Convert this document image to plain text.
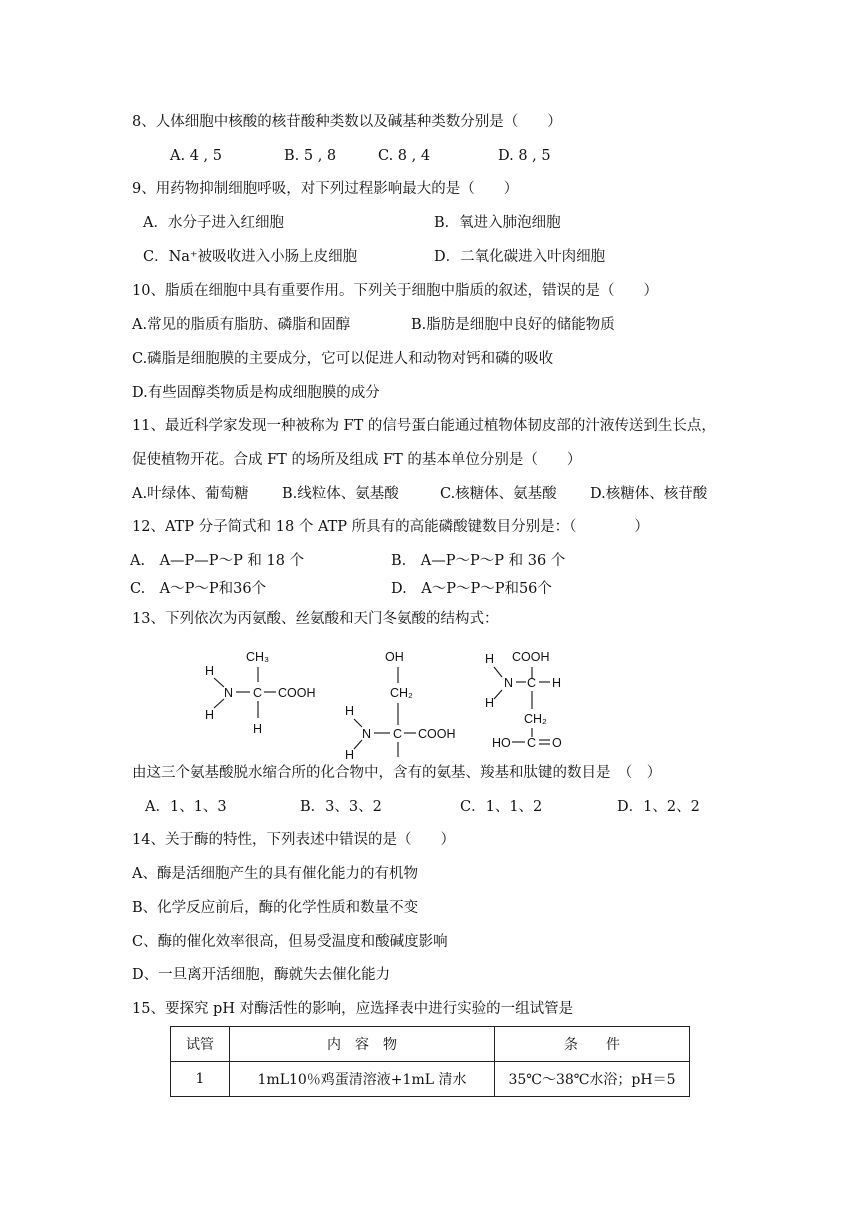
8、人体细胞中核酸的核苷酸种类数以及碱基种类数分别是（　　）
A. 4 , 5	B. 5 , 8	C. 8 , 4	D. 8 , 5
9、用药物抑制细胞呼吸，对下列过程影响最大的是（　　）
A．水分子进入红细胞	B．氧进入肺泡细胞
C．Na⁺被吸收进入小肠上皮细胞	D．二氧化碳进入叶肉细胞
10、脂质在细胞中具有重要作用。下列关于细胞中脂质的叙述，错误的是（　　）
A.常见的脂质有脂肪、磷脂和固醇	B.脂肪是细胞中良好的储能物质
C.磷脂是细胞膜的主要成分，它可以促进人和动物对钙和磷的吸收
D.有些固醇类物质是构成细胞膜的成分
11、最近科学家发现一种被称为 FT 的信号蛋白能通过植物体韧皮部的汁液传送到生长点，
促使植物开花。合成 FT 的场所及组成 FT 的基本单位分别是（　　）
A.叶绿体、葡萄糖 B.线粒体、氨基酸	C.核糖体、氨基酸 D.核糖体、核苷酸
12、ATP 分子简式和 18 个 ATP 所具有的高能磷酸键数目分别是：（　　　　）
A.　A—P—P～P 和 18 个	B.　A—P～P～P 和 36 个
C.　A～P～P和36个	D.　A～P～P～P和56个
13、下列依次为丙氨酸、丝氨酸和天门冬氨酸的结构式：
CH₃
H
N C COOH
H
H
OH
CH₂
H
N C COOH
H
H COOH
N C H
H
CH₂
HO C O
由这三个氨基酸脱水缩合所的化合物中，含有的氨基、羧基和肽键的数目是　（　）
A．1、1、3	B．3、3、2	C．1、1、2	D．1、2、2
14、关于酶的特性，下列表述中错误的是（　　）
A、酶是活细胞产生的具有催化能力的有机物
B、化学反应前后，酶的化学性质和数量不变
C、酶的催化效率很高，但易受温度和酸碱度影响
D、一旦离开活细胞，酶就失去催化能力
15、要探究 pH 对酶活性的影响，应选择表中进行实验的一组试管是
试管	内　容　物	条　　件
1	1mL10％鸡蛋清溶液+1mL 清水	35℃～38℃水浴；pH＝5
